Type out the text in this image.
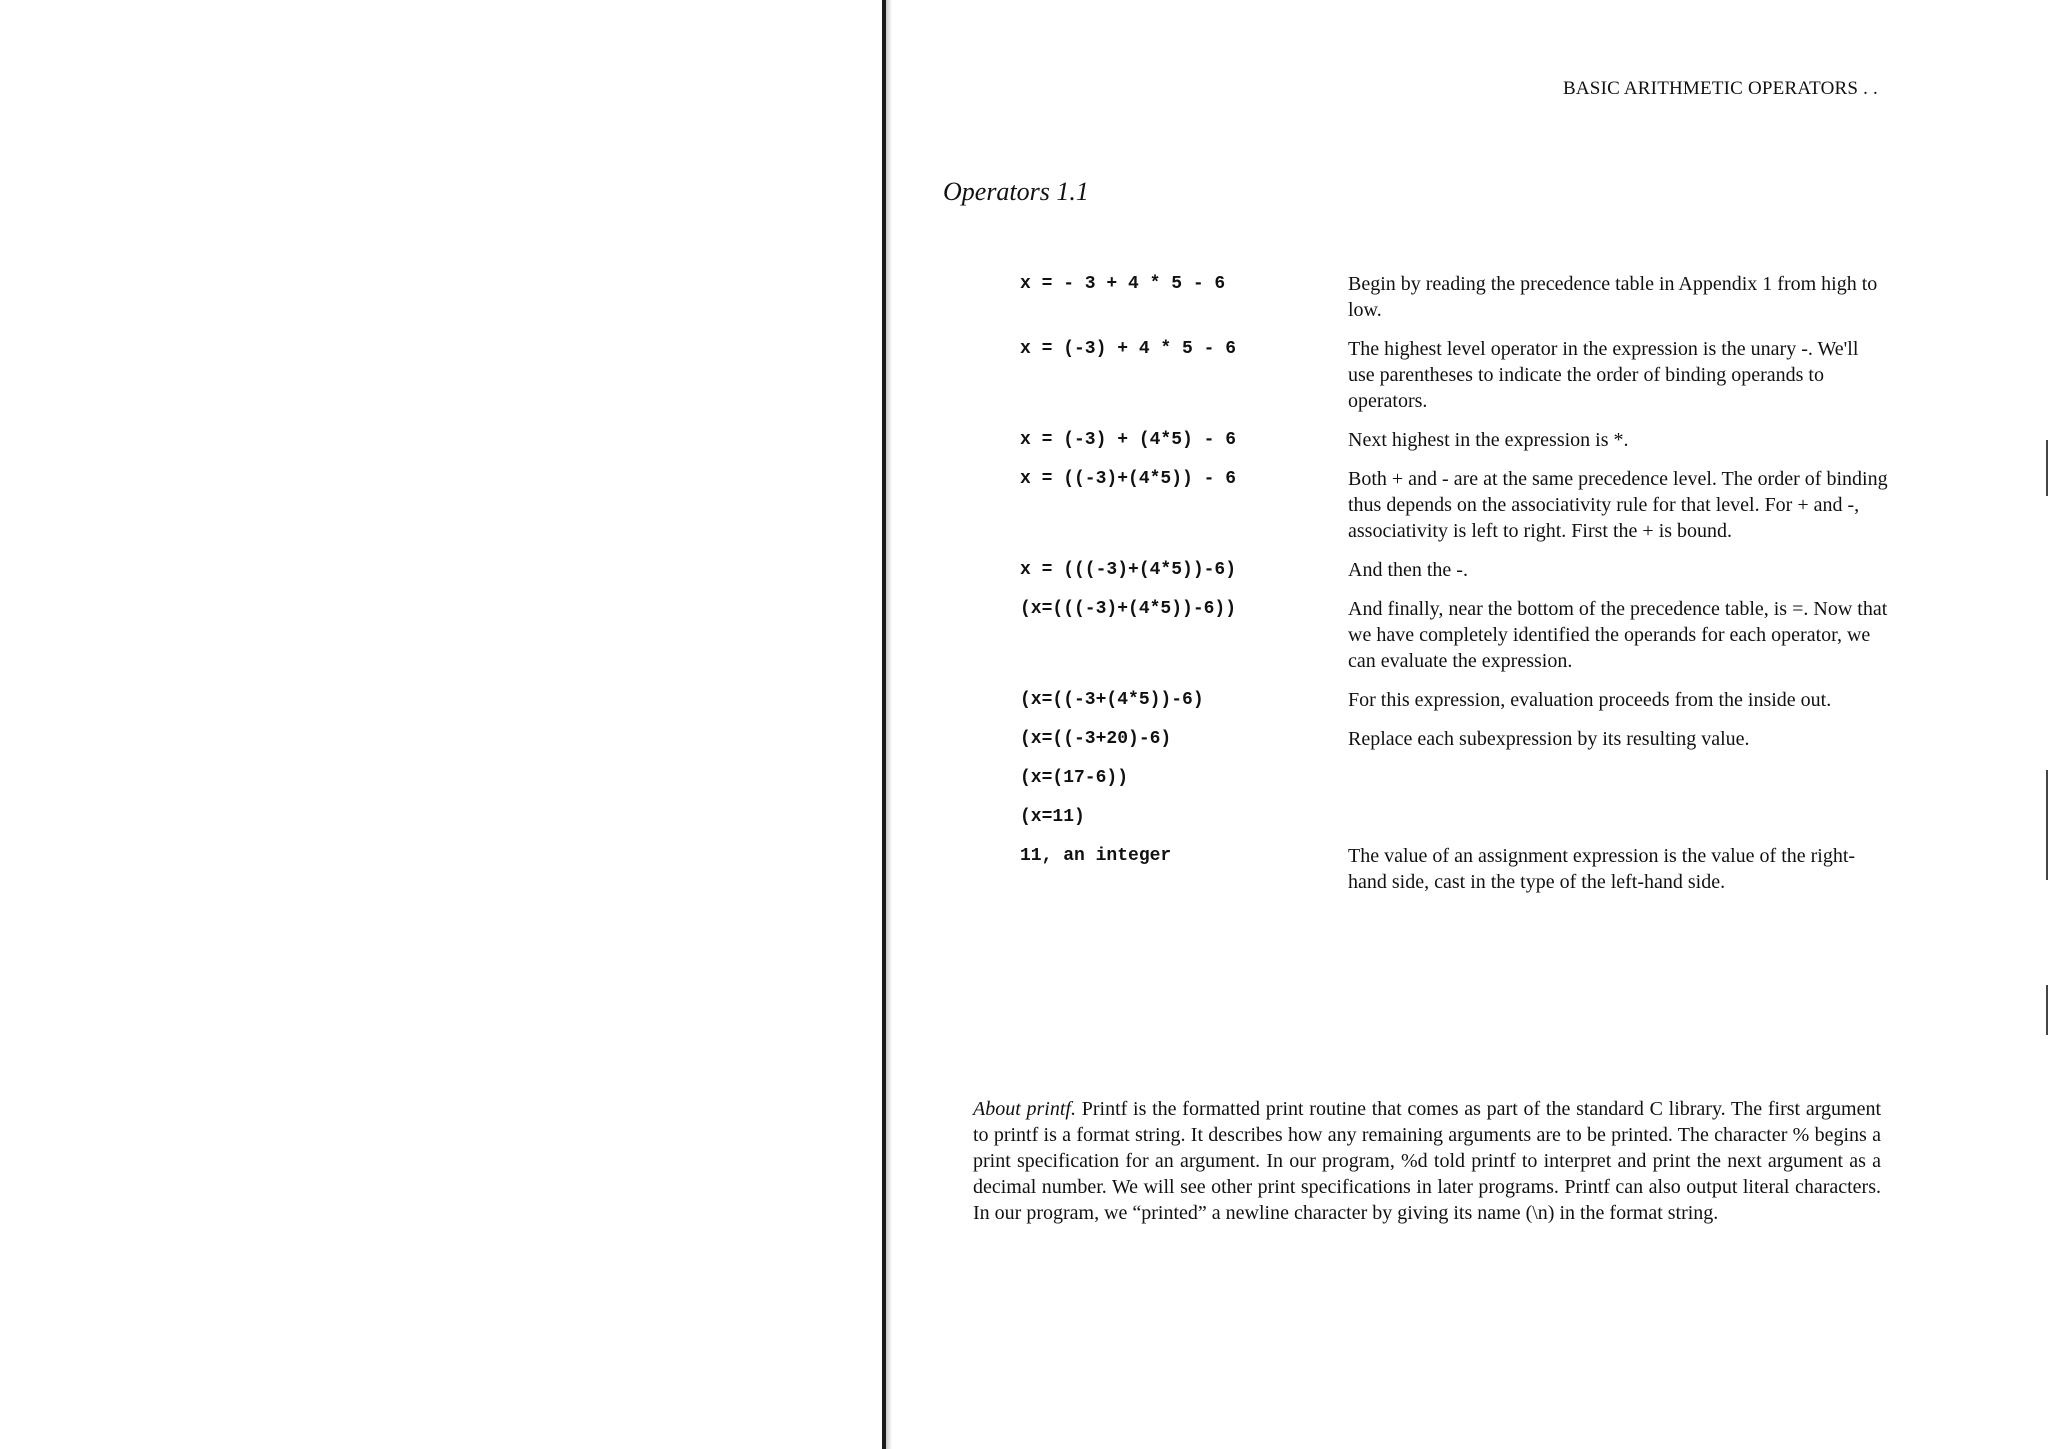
BASIC ARITHMETIC OPERATORS . .
Operators 1.1
x = - 3 + 4 * 5 - 6	Begin by reading the precedence table in Appendix 1 from high to low.
x = (-3) + 4 * 5 - 6	The highest level operator in the expression is the unary -. We'll use parentheses to indicate the order of binding operands to operators.
x = (-3) + (4*5) - 6	Next highest in the expression is *.
x = ((-3)+(4*5)) - 6	Both + and - are at the same precedence level. The order of binding thus depends on the associativity rule for that level. For + and -, associativity is left to right. First the + is bound.
x = (((-3)+(4*5))-6)	And then the -.
(x=(((-3)+(4*5))-6))	And finally, near the bottom of the precedence table, is =. Now that we have completely identified the operands for each operator, we can evaluate the expression.
(x=((-3+(4*5))-6)	For this expression, evaluation proceeds from the inside out.
(x=((-3+20)-6)	Replace each subexpression by its resulting value.
(x=(17-6))
(x=11)
11, an integer	The value of an assignment expression is the value of the right-hand side, cast in the type of the left-hand side.
About printf. Printf is the formatted print routine that comes as part of the standard C library. The first argument to printf is a format string. It describes how any remaining arguments are to be printed. The character % begins a print specification for an argument. In our program, %d told printf to interpret and print the next argument as a decimal number. We will see other print specifications in later programs. Printf can also output literal characters. In our program, we “printed” a newline character by giving its name (\n) in the format string.
